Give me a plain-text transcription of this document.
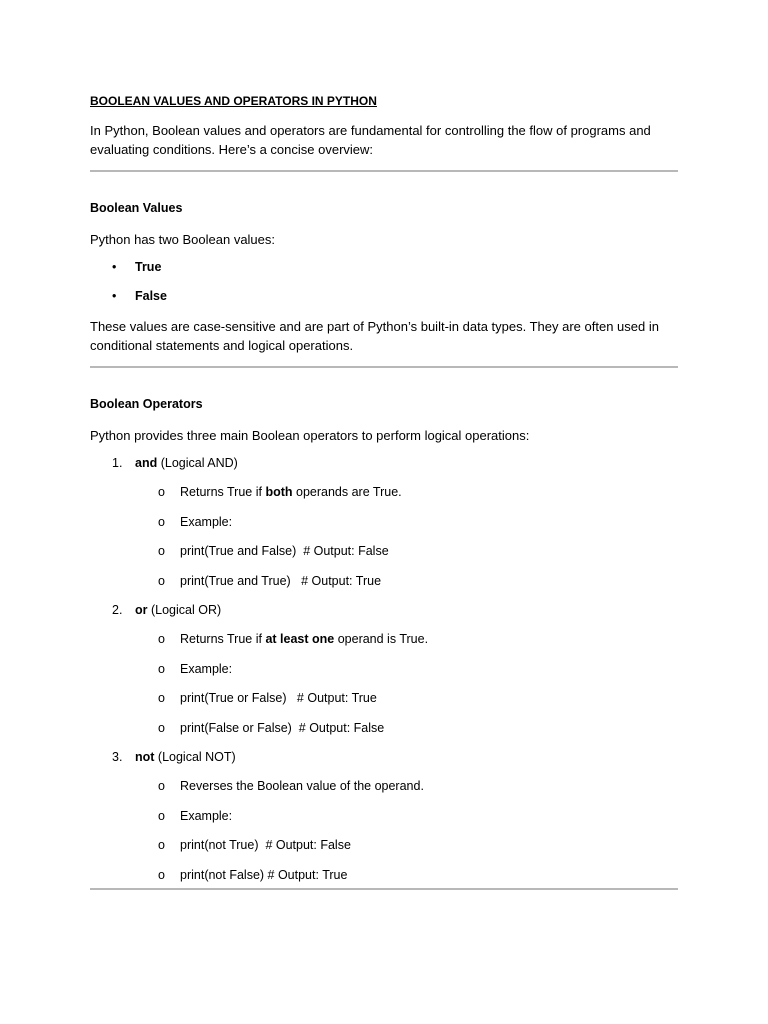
BOOLEAN VALUES AND OPERATORS IN PYTHON

In Python, Boolean values and operators are fundamental for controlling the flow of programs and evaluating conditions. Here’s a concise overview:

Boolean Values

Python has two Boolean values:

• True
• False

These values are case-sensitive and are part of Python’s built-in data types. They are often used in conditional statements and logical operations.

Boolean Operators

Python provides three main Boolean operators to perform logical operations:

1. and (Logical AND)
o Returns True if both operands are True.
o Example:
o print(True and False)  # Output: False
o print(True and True)   # Output: True
2. or (Logical OR)
o Returns True if at least one operand is True.
o Example:
o print(True or False)   # Output: True
o print(False or False)  # Output: False
3. not (Logical NOT)
o Reverses the Boolean value of the operand.
o Example:
o print(not True)  # Output: False
o print(not False) # Output: True
